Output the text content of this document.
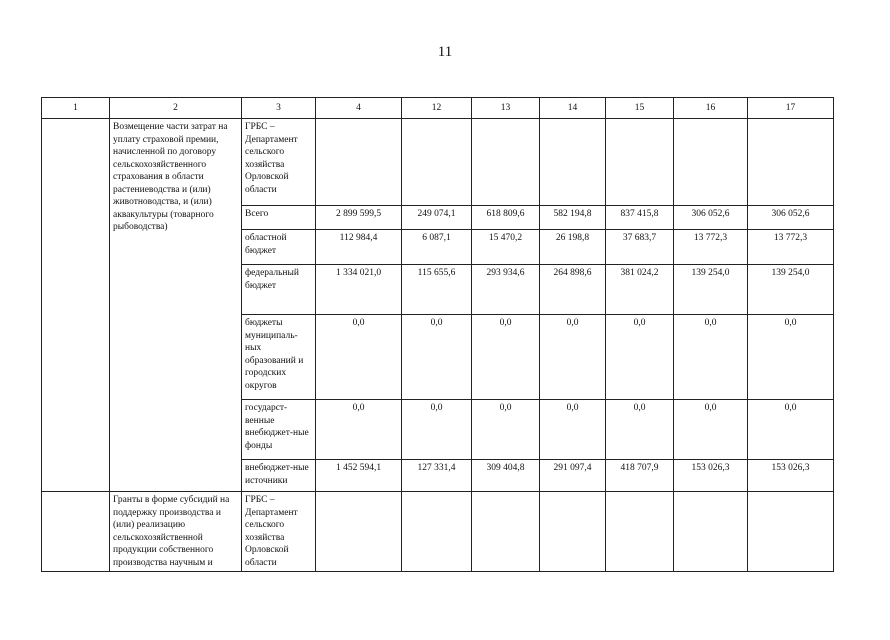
11
1	2	3	4	12	13	14	15	16	17
	Возмещение части затрат на уплату страховой премии, начисленной по договору сельскохозяйственного страхования в области растениеводства и (или) животноводства, и (или) аквакультуры (товарного рыбоводства)	ГРБС – Департамент сельского хозяйства Орловской области							
		Всего	2 899 599,5	249 074,1	618 809,6	582 194,8	837 415,8	306 052,6	306 052,6
		областной бюджет	112 984,4	6 087,1	15 470,2	26 198,8	37 683,7	13 772,3	13 772,3
		федеральный бюджет	1 334 021,0	115 655,6	293 934,6	264 898,6	381 024,2	139 254,0	139 254,0
		бюджеты муниципаль-ных образований и городских округов	0,0	0,0	0,0	0,0	0,0	0,0	0,0
		государст-венные внебюджет-ные фонды	0,0	0,0	0,0	0,0	0,0	0,0	0,0
		внебюджет-ные источники	1 452 594,1	127 331,4	309 404,8	291 097,4	418 707,9	153 026,3	153 026,3
	Гранты в форме субсидий на поддержку производства и (или) реализацию сельскохозяйственной продукции собственного производства научным и	ГРБС – Департамент сельского хозяйства Орловской области							
